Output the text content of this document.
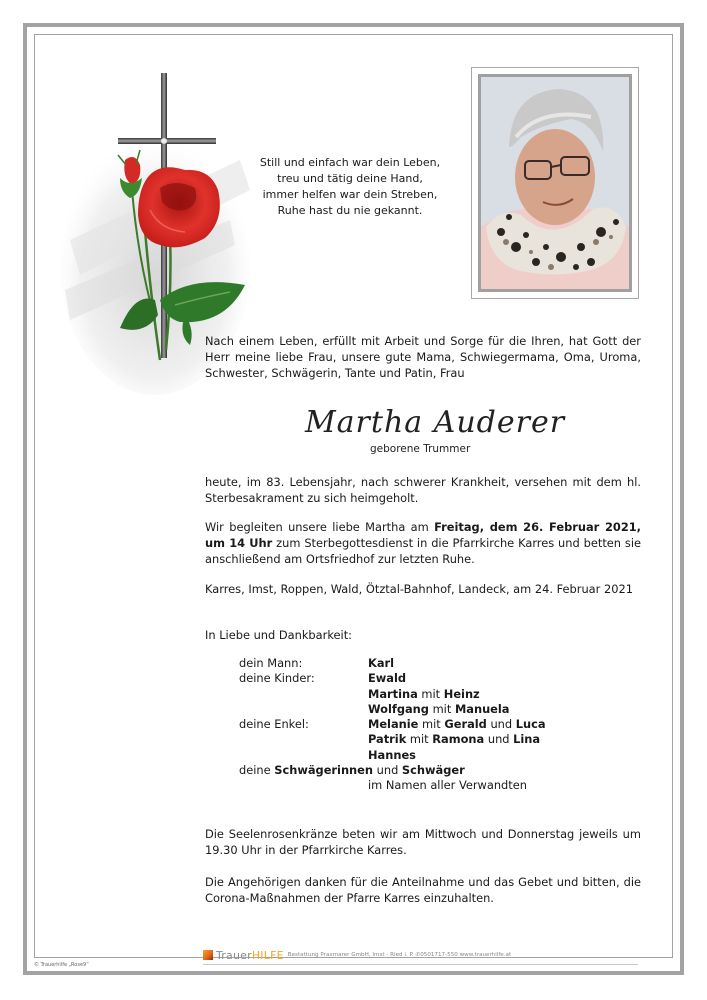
Still und einfach war dein Leben,
treu und tätig deine Hand,
immer helfen war dein Streben,
Ruhe hast du nie gekannt.
Nach einem Leben, erfüllt mit Arbeit und Sorge für die Ihren, hat Gott der
Herr meine liebe Frau, unsere gute Mama, Schwiegermama, Oma, Uroma,
Schwester, Schwägerin, Tante und Patin, Frau
Martha Auderer
geborene Trummer
heute, im 83. Lebensjahr, nach schwerer Krankheit, versehen mit dem hl.
Sterbesakrament zu sich heimgeholt.
Wir begleiten unsere liebe Martha am Freitag, dem 26. Februar 2021,
um 14 Uhr zum Sterbegottesdienst in die Pfarrkirche Karres und betten sie
anschließend am Ortsfriedhof zur letzten Ruhe.
Karres, Imst, Roppen, Wald, Ötztal-Bahnhof, Landeck, am 24. Februar 2021
In Liebe und Dankbarkeit:
dein Mann:	Karl
deine Kinder:	Ewald
Martina mit Heinz
Wolfgang mit Manuela
deine Enkel:	Melanie mit Gerald und Luca
Patrik mit Ramona und Lina
Hannes
deine Schwägerinnen und Schwäger
im Namen aller Verwandten
Die Seelenrosenkränze beten wir am Mittwoch und Donnerstag jeweils um
19.30 Uhr in der Pfarrkirche Karres.
Die Angehörigen danken für die Anteilnahme und das Gebet und bitten, die
Corona-Maßnahmen der Pfarre Karres einzuhalten.
Trauer HILFE Bestattung Praxmarer GmbH, Imst - Ried i. P. ✆0501717-550 www.trauerhilfe.at
© Trauerhilfe „Rose9“
